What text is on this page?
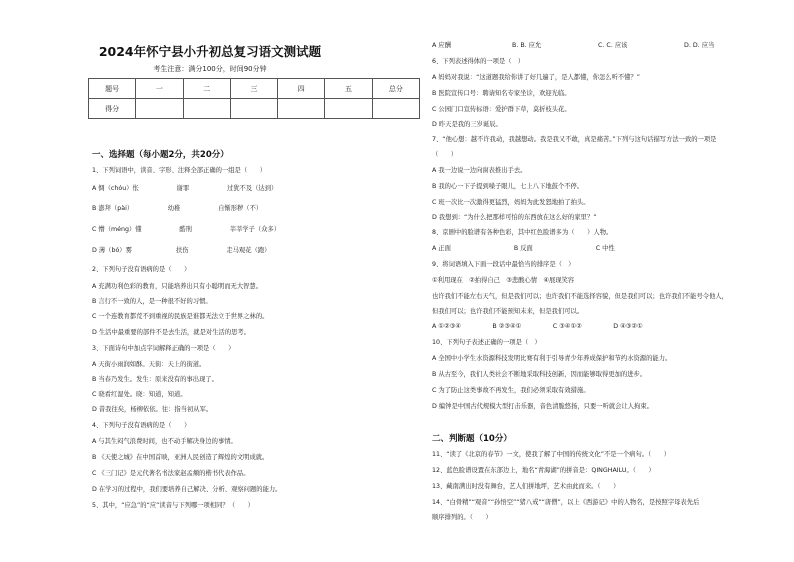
2024年怀宁县小升初总复习语文测试题
考生注意：满分100分，时间90分钟
题号	一	二	三	四	五	总分
得分						
一、选择题（每小题2分，共20分）
1、下列词语中，读音、字形、注释全部正确的一组是（　　）
A 惆（chóu）怅　　　　　　谢罪　　　　　　过犹不及（达到）
B 澎拜（pài）　　　　　　幼稚　　　　　　自惭形秽（不）
C 懵（méng）懂　　　　　　酷刑　　　　　　莘莘学子（众多）
D 薄（bó）雾　　　　　　　扶伤　　　　　　走马观花（跑）
2、下列句子没有语病的是（　　）
A 充满功利色彩的教育，只能培养出只有小聪明而无大智慧。
B 言行不一致的人，是一种很不好的习惯。
C 一个连教育都荒不到重视的民族是谁都无法立于世界之林的。
D 生活中最重要的部件不是去生活，就是对生活的思考。
3、下面诗句中加点字词解释正确的一项是（　　）
A 天街小雨润如酥。天街：天上的街道。
B 当春乃发生。发生：原来没有的事出现了。
C 晓看红湿处。晓：知道，知道。
D 昔我往矣，杨柳依依。往：指当初从军。
4、下列句子没有语病的是（　　）
A 与其生闷气浪费时间，也不动手解决身边的事情。
B 《天使之城》在中国首映，亚洲人民创造了辉煌的文明成就。
C 《三门记》是元代著名书法家赵孟頫的楷书代表作品。
D 在学习的过程中，我们要培养自己解决、分析、观察问题的能力。
5、其中，“应急”的“应”读音与下列哪一项相同？（　　）
A 应酬	B. B. 应允	C. C. 应该	D. D. 应当
6、下列表述得体的一项是（　）
A 妈妈对我说：“这道题我给你讲了好几遍了，是人都懂，你怎么听不懂？”
B 医院宣传口号：聘请知名专家坐诊，欢迎光临。
C 公园门口宣传标语：爱护群下草，莫折枝头花。
D 昨天是我的三岁诞辰。
7、“他心想：越不许我动，我越想动。我是我又不敢，真是痛苦。”下列与这句话描写方法一致的一项是
（　　）
A 我一边说一边向窗表推出手去。
B 我的心一下子提到嗓子眼儿，七上八下地鼓个不停。
C 班一次比一次激得更猛烈，妈妈为此发怒地拍了拍头。
D 我想到：“为什么把那样可怕的东西放在这么好的家里？”
8、京剧中的脸谱有各种色彩，其中红色脸谱多为（　　）人物。
A 正面　　　　　　　　　　B 反面　　　　　　　　　　C 中性
9、将词语填入下面一段话中最恰当的排序是（　）
①利用现在　②拍得自己　③悲酸心情　④展现笑容
也许我们不能左右天气，但是我们可以；也许我们不能选择容貌，但是我们可以；也许我们不能号令他人，
但我们可以；也许我们不能预知未来，但是我们可以。
A ①②③④　　　　　B ②③④①　　　　　C ③④①②　　　　　D ④③②①
10、下列句子表述正确的一项是（　）
A 全国中小学生水资源科技发明比赛有利于引导青少年养成保护和节约水资源的能力。
B 从古至今，我们人类社会不断地采取科技创新，因而能够取得更加的进步。
C 为了防止这类事故不再发生，我们必须采取有效措施。
D 编钟是中国古代规模大型打击乐器，音色清脆悠扬，只要一听就会让人拘束。
二、判断题（10分）
11、“读了《北京的春节》一文，使我了解了中国的传统文化”不是一个病句。（　　）
12、蓝色脸谱设置在东部边上，地名“青海湖”的拼音是：QINGHAILU。（　　）
13、藏南满出时没有舞台，艺人们拼地坪，艺术由此而来。（　　）
14、“白骨精”“观音”“孙悟空”“猪八戒”“唐僧”，以上《西游记》中的人物名，是按照字母表先后
顺序排列的。（　　）
